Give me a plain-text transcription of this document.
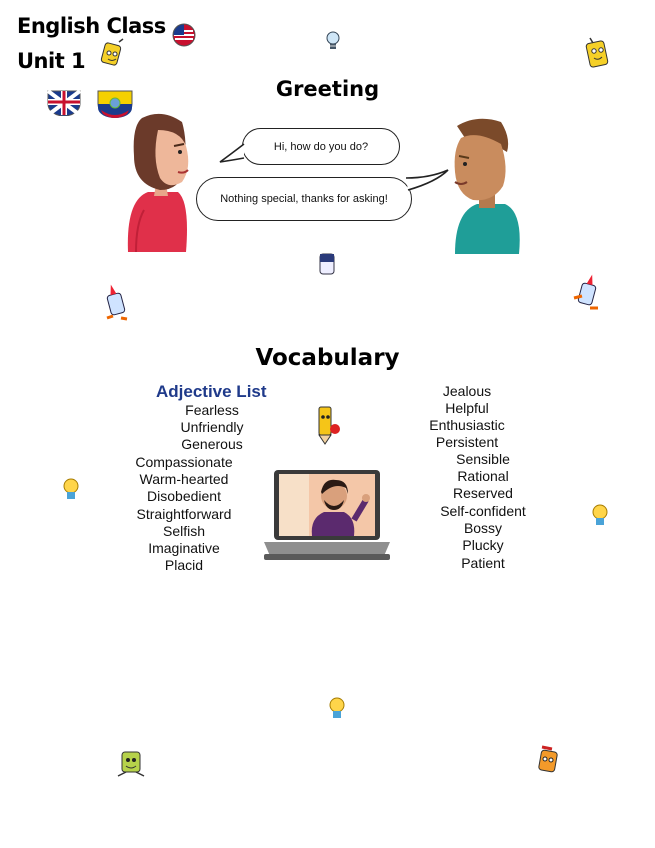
English Class
Unit 1
Greeting
Hi, how do you do?
Nothing special, thanks for asking!
Vocabulary
Adjective List
Fearless
Unfriendly
Generous
Compassionate
Warm-hearted
Disobedient
Straightforward
Selfish
Imaginative
Placid
Jealous
Helpful
Enthusiastic
Persistent
Sensible
Rational
Reserved
Self-confident
Bossy
Plucky
Patient
